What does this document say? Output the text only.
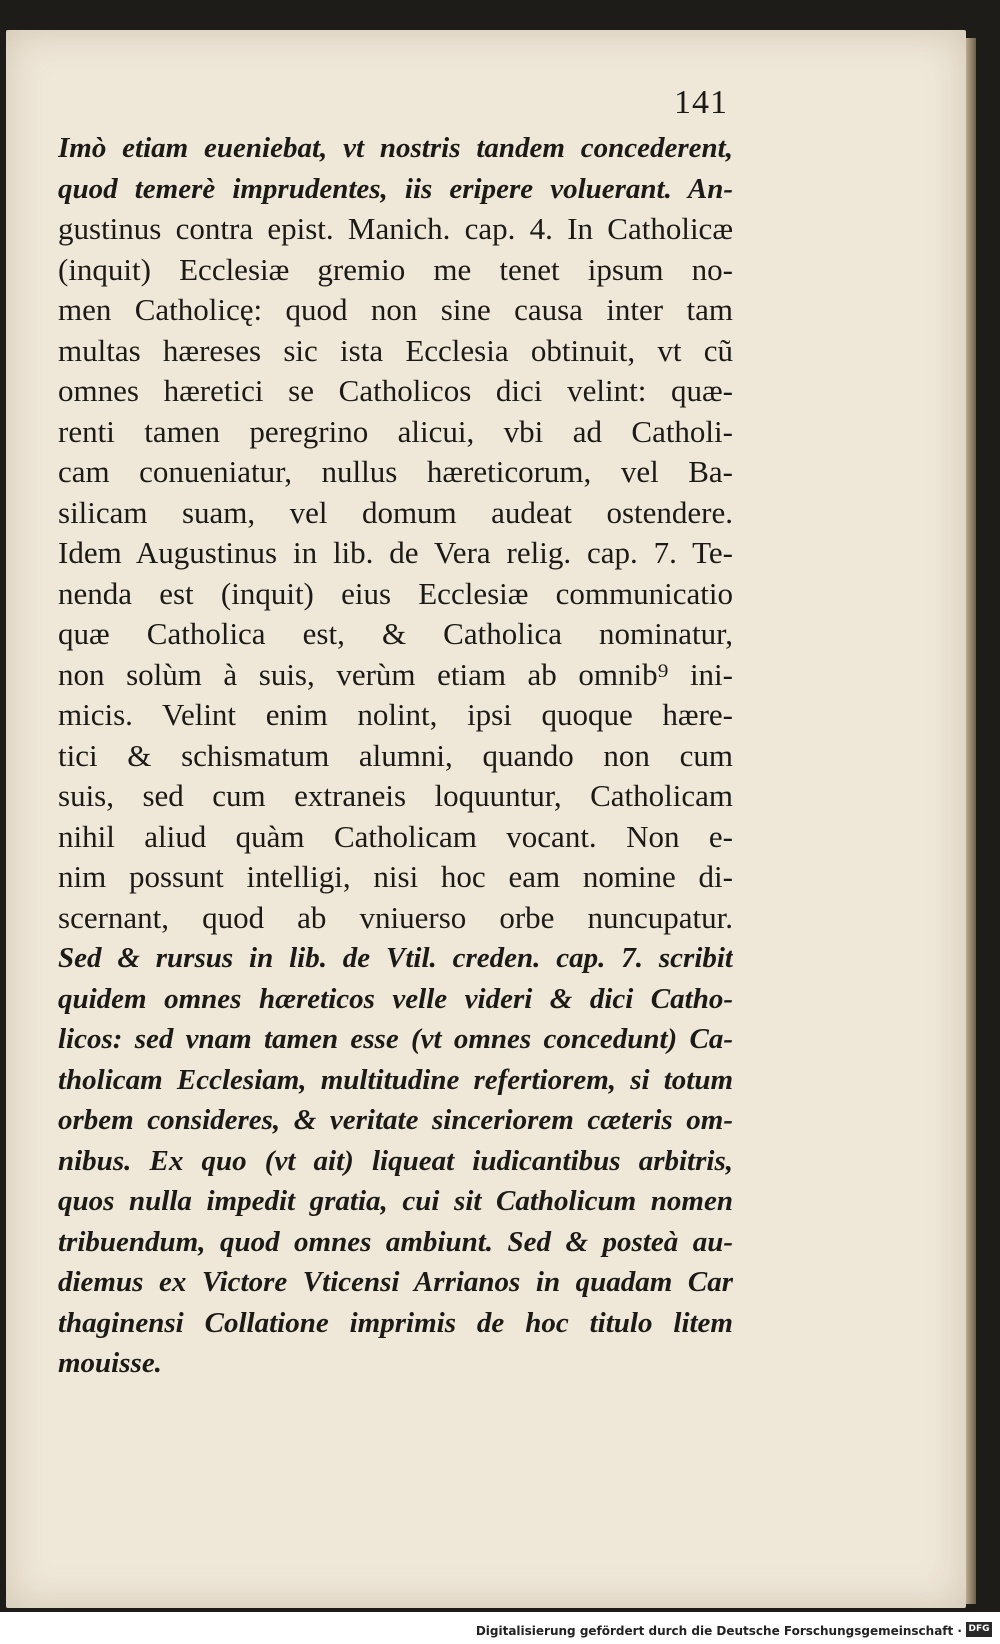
141
Imò etiam eueniebat, vt nostris tandem concederent,
quod temerè imprudentes, iis eripere voluerant. An-
gustinus contra epist. Manich. cap. 4. In Catholicæ
(inquit) Ecclesiæ gremio me tenet ipsum no-
men Catholicę: quod non sine causa inter tam
multas hæreses sic ista Ecclesia obtinuit, vt cũ
omnes hæretici se Catholicos dici velint: quæ-
renti tamen peregrino alicui, vbi ad Catholi-
cam conueniatur, nullus hæreticorum, vel Ba-
silicam suam, vel domum audeat ostendere.
Idem Augustinus in lib. de Vera relig. cap. 7. Te-
nenda est (inquit) eius Ecclesiæ communicatio
quæ Catholica est, & Catholica nominatur,
non solùm à suis, verùm etiam ab omnib⁹ ini-
micis. Velint enim nolint, ipsi quoque hære-
tici & schismatum alumni, quando non cum
suis, sed cum extraneis loquuntur, Catholicam
nihil aliud quàm Catholicam vocant. Non e-
nim possunt intelligi, nisi hoc eam nomine di-
scernant, quod ab vniuerso orbe nuncupatur.
Sed & rursus in lib. de Vtil. creden. cap. 7. scribit
quidem omnes hæreticos velle videri & dici Catho-
licos: sed vnam tamen esse (vt omnes concedunt) Ca-
tholicam Ecclesiam, multitudine refertiorem, si totum
orbem consideres, & veritate sinceriorem cæteris om-
nibus. Ex quo (vt ait) liqueat iudicantibus arbitris,
quos nulla impedit gratia, cui sit Catholicum nomen
tribuendum, quod omnes ambiunt. Sed & posteà au-
diemus ex Victore Vticensi Arrianos in quadam Car
thaginensi Collatione imprimis de hoc titulo litem
mouisse.
Digitalisierung gefördert durch die Deutsche Forschungsgemeinschaft · DFG
